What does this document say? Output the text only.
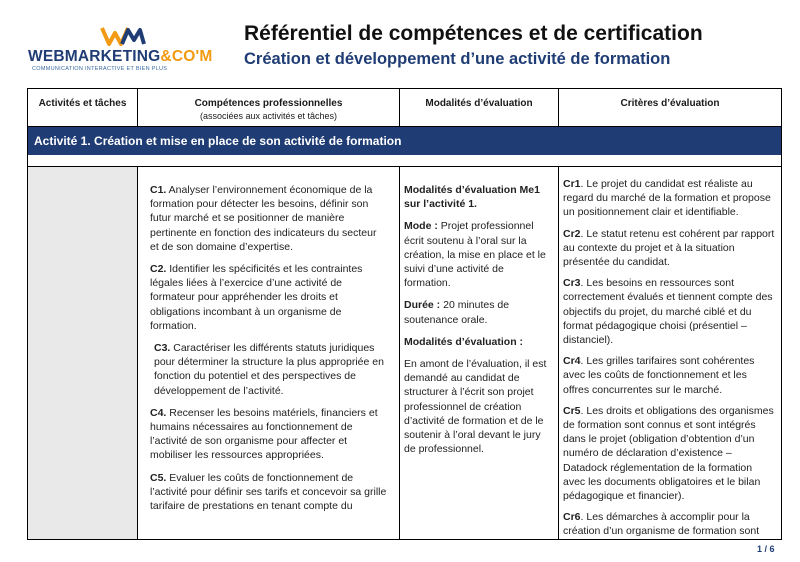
WEBMARKETING&CO'M
COMMUNICATION INTERACTIVE ET BIEN PLUS
Référentiel de compétences et de certification
Création et développement d’une activité de formation
Activités et tâches	Compétences professionnelles
(associées aux activités et tâches)
Modalités d’évaluation	Critères d’évaluation
Activité 1. Création et mise en place de son activité de formation

C1. Analyser l’environnement économique de la formation pour détecter les besoins, définir son futur marché et se positionner de manière pertinente en fonction des indicateurs du secteur et de son domaine d’expertise.

C2. Identifier les spécificités et les contraintes légales liées à l’exercice d’une activité de formateur pour appréhender les droits et obligations incombant à un organisme de formation.

C3. Caractériser les différents statuts juridiques pour déterminer la structure la plus appropriée en fonction du potentiel et des perspectives de développement de l’activité.

C4. Recenser les besoins matériels, financiers et humains nécessaires au fonctionnement de l’activité de son organisme pour affecter et mobiliser les ressources appropriées.

C5. Evaluer les coûts de fonctionnement de l’activité pour définir ses tarifs et concevoir sa grille tarifaire de prestations en tenant compte du

Modalités d’évaluation Me1 sur l’activité 1.

Mode : Projet professionnel écrit soutenu à l’oral sur la création, la mise en place et le suivi d’une activité de formation.

Durée : 20 minutes de soutenance orale.

Modalités d’évaluation :

En amont de l’évaluation, il est demandé au candidat de structurer à l’écrit son projet professionnel de création d’activité de formation et de le soutenir à l’oral devant le jury de professionnel.

Cr1. Le projet du candidat est réaliste au regard du marché de la formation et propose un positionnement clair et identifiable.

Cr2. Le statut retenu est cohérent par rapport au contexte du projet et à la situation présentée du candidat.

Cr3. Les besoins en ressources sont correctement évalués et tiennent compte des objectifs du projet, du marché ciblé et du format pédagogique choisi (présentiel – distanciel).

Cr4. Les grilles tarifaires sont cohérentes avec les coûts de fonctionnement et les offres concurrentes sur le marché.

Cr5. Les droits et obligations des organismes de formation sont connus et sont intégrés dans le projet (obligation d’obtention d’un numéro de déclaration d’existence – Datadock réglementation de la formation avec les documents obligatoires et le bilan pédagogique et financier).

Cr6. Les démarches à accomplir pour la création d’un organisme de formation sont

1 / 6
